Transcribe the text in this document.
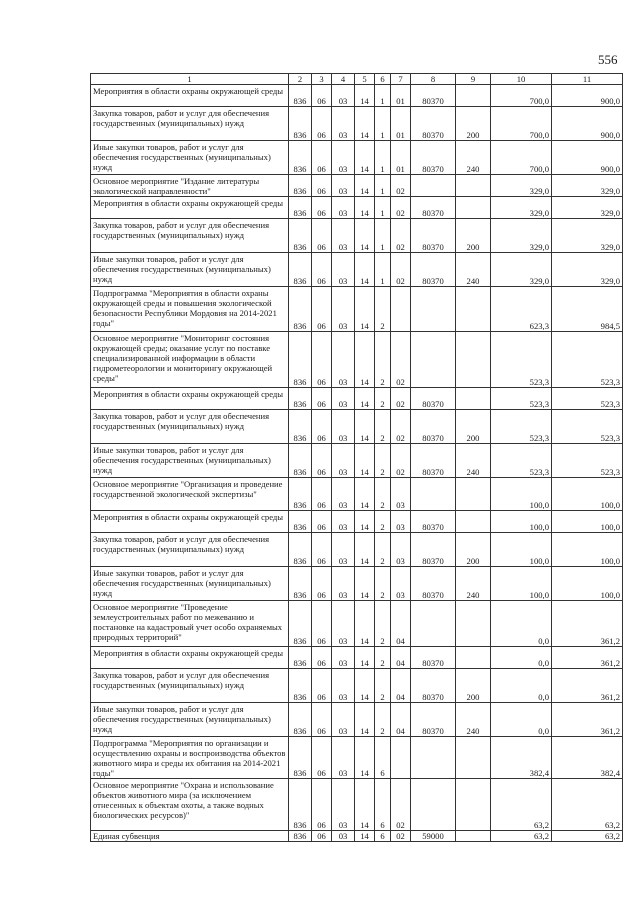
556
1	2	3	4	5	6	7	8	9	10	11
Мероприятия в области охраны окружающей среды	836	06	03	14	1	01	80370		700,0	900,0
Закупка товаров, работ и услуг для обеспечения государственных (муниципальных) нужд	836	06	03	14	1	01	80370	200	700,0	900,0
Иные закупки товаров, работ и услуг для обеспечения государственных (муниципальных) нужд	836	06	03	14	1	01	80370	240	700,0	900,0
Основное мероприятие "Издание литературы экологической направленности"	836	06	03	14	1	02			329,0	329,0
Мероприятия в области охраны окружающей среды	836	06	03	14	1	02	80370		329,0	329,0
Закупка товаров, работ и услуг для обеспечения государственных (муниципальных) нужд	836	06	03	14	1	02	80370	200	329,0	329,0
Иные закупки товаров, работ и услуг для обеспечения государственных (муниципальных) нужд	836	06	03	14	1	02	80370	240	329,0	329,0
Подпрограмма "Мероприятия в области охраны окружающей среды и повышения экологической безопасности Республики Мордовия на 2014-2021 годы"	836	06	03	14	2				623,3	984,5
Основное мероприятие "Мониторинг состояния окружающей среды; оказание услуг по поставке специализированной информации в области гидрометеорологии и мониторингу окружающей среды"	836	06	03	14	2	02			523,3	523,3
Мероприятия в области охраны окружающей среды	836	06	03	14	2	02	80370		523,3	523,3
Закупка товаров, работ и услуг для обеспечения государственных (муниципальных) нужд	836	06	03	14	2	02	80370	200	523,3	523,3
Иные закупки товаров, работ и услуг для обеспечения государственных (муниципальных) нужд	836	06	03	14	2	02	80370	240	523,3	523,3
Основное мероприятие "Организация и проведение государственной экологической экспертизы"	836	06	03	14	2	03			100,0	100,0
Мероприятия в области охраны окружающей среды	836	06	03	14	2	03	80370		100,0	100,0
Закупка товаров, работ и услуг для обеспечения государственных (муниципальных) нужд	836	06	03	14	2	03	80370	200	100,0	100,0
Иные закупки товаров, работ и услуг для обеспечения государственных (муниципальных) нужд	836	06	03	14	2	03	80370	240	100,0	100,0
Основное мероприятие "Проведение землеустроительных работ по межеванию и постановке на кадастровый учет особо охраняемых природных территорий"	836	06	03	14	2	04			0,0	361,2
Мероприятия в области охраны окружающей среды	836	06	03	14	2	04	80370		0,0	361,2
Закупка товаров, работ и услуг для обеспечения государственных (муниципальных) нужд	836	06	03	14	2	04	80370	200	0,0	361,2
Иные закупки товаров, работ и услуг для обеспечения государственных (муниципальных) нужд	836	06	03	14	2	04	80370	240	0,0	361,2
Подпрограмма "Мероприятия по организации и осуществлению охраны и воспроизводства объектов животного мира и среды их обитания на 2014-2021 годы"	836	06	03	14	6				382,4	382,4
Основное мероприятие "Охрана и использование объектов животного мира (за исключением отнесенных к объектам охоты, а также водных биологических ресурсов)"	836	06	03	14	6	02			63,2	63,2
Единая субвенция	836	06	03	14	6	02	59000		63,2	63,2
